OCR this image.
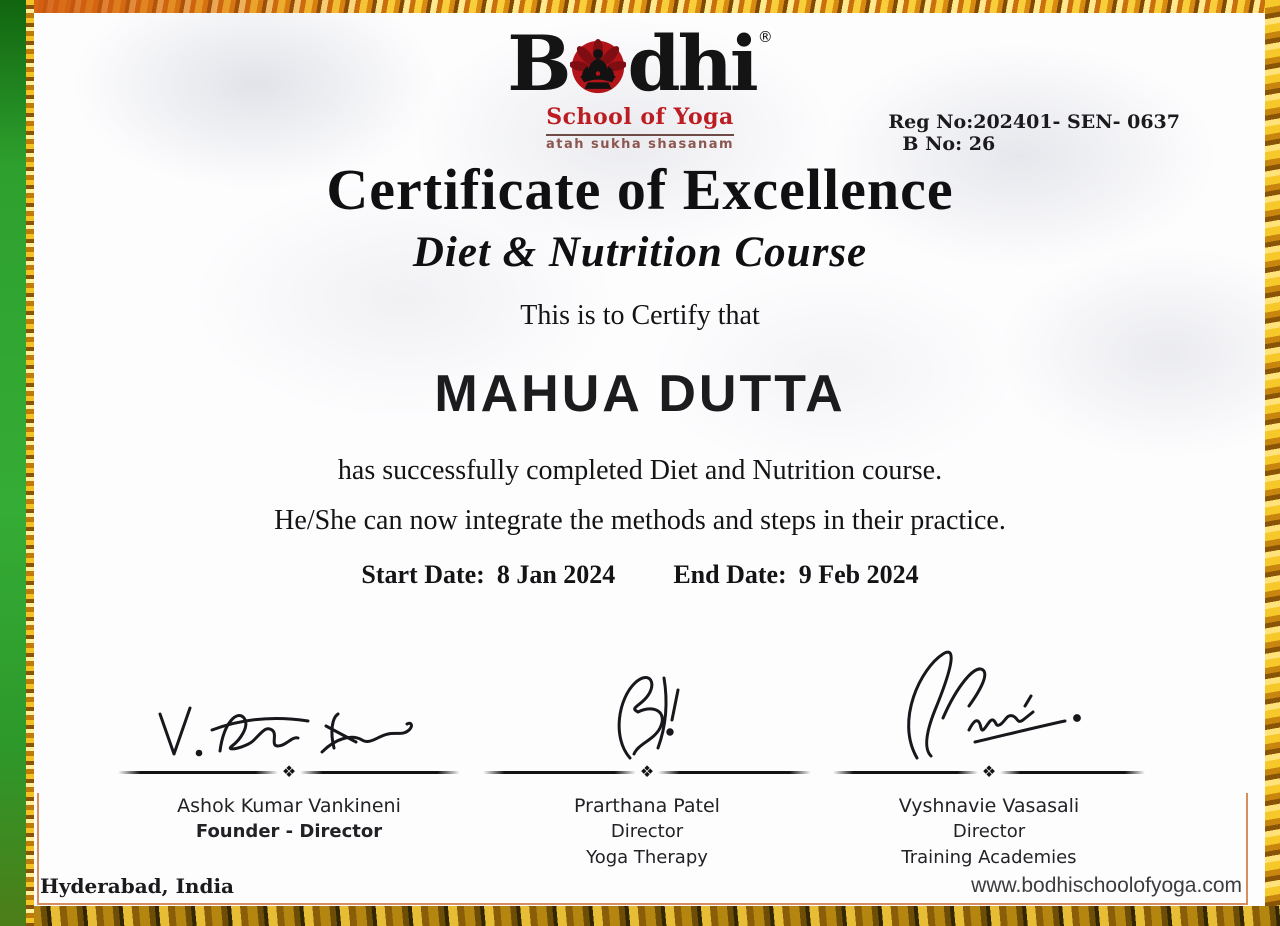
B dhi ®
School of Yoga
atah sukha shasanam
Reg No:202401- SEN- 0637
B No: 26
Certificate of Excellence
Diet & Nutrition Course
This is to Certify that
MAHUA DUTTA
has successfully completed Diet and Nutrition course.
He/She can now integrate the methods and steps in their practice.
Start Date: 8 Jan 2024 End Date: 9 Feb 2024
❖
Ashok Kumar Vankineni
Founder - Director
❖
Prarthana Patel
Director
Yoga Therapy
❖
Vyshnavie Vasasali
Director
Training Academies
Hyderabad, India	www.bodhischoolofyoga.com
